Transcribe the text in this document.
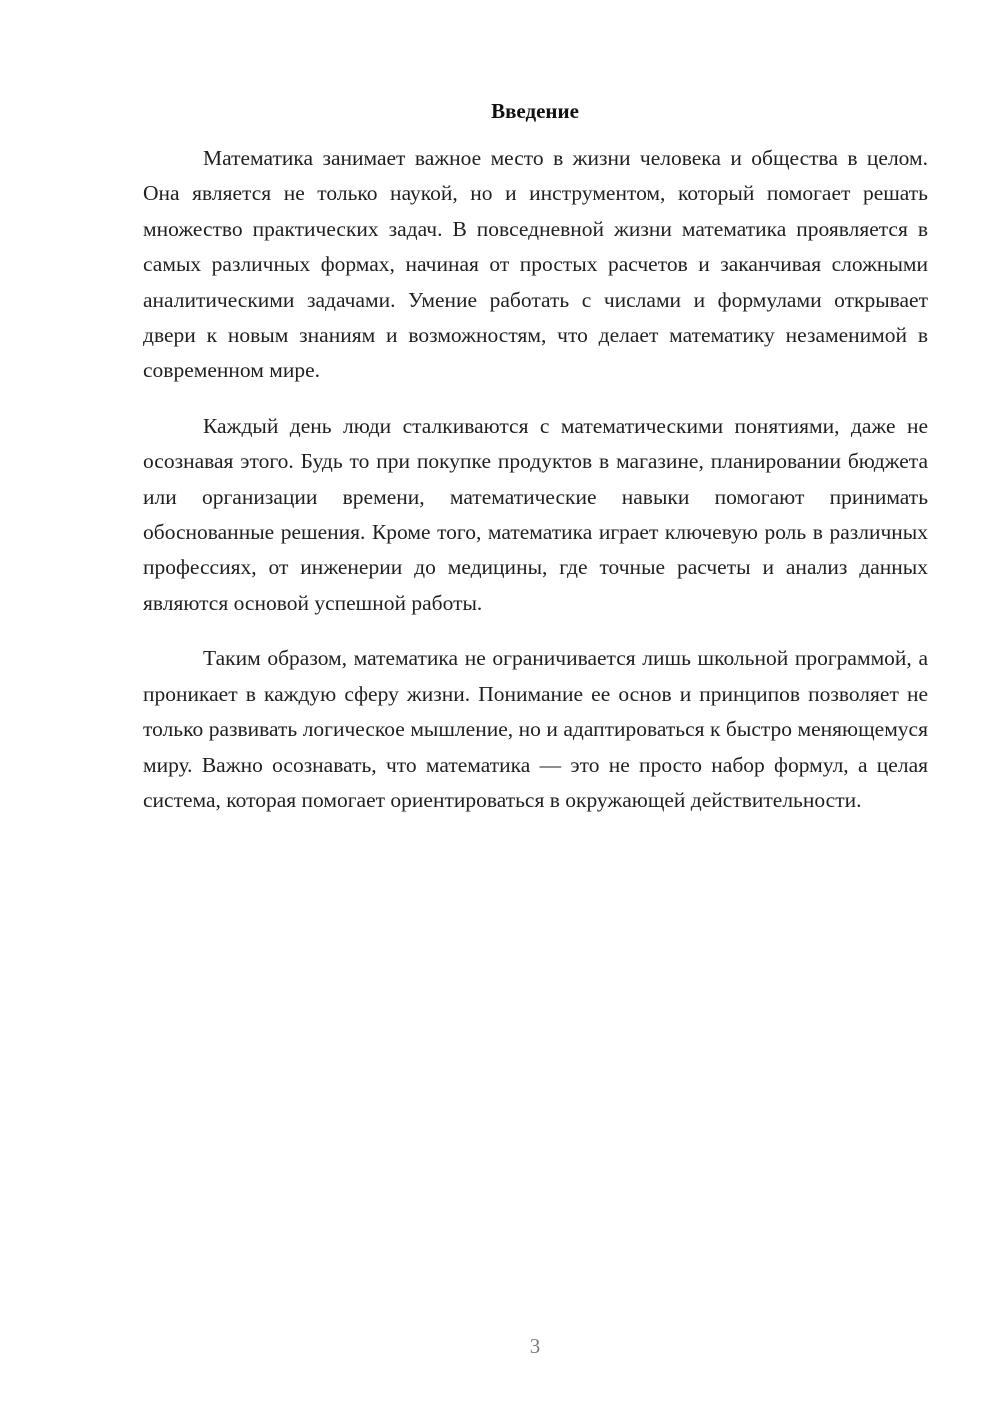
Введение

Математика занимает важное место в жизни человека и общества в целом. Она является не только наукой, но и инструментом, который помогает решать множество практических задач. В повседневной жизни математика проявляется в самых различных формах, начиная от простых расчетов и заканчивая сложными аналитическими задачами. Умение работать с числами и формулами открывает двери к новым знаниям и возможностям, что делает математику незаменимой в современном мире.

Каждый день люди сталкиваются с математическими понятиями, даже не осознавая этого. Будь то при покупке продуктов в магазине, планировании бюджета или организации времени, математические навыки помогают принимать обоснованные решения. Кроме того, математика играет ключевую роль в различных профессиях, от инженерии до медицины, где точные расчеты и анализ данных являются основой успешной работы.

Таким образом, математика не ограничивается лишь школьной программой, а проникает в каждую сферу жизни. Понимание ее основ и принципов позволяет не только развивать логическое мышление, но и адаптироваться к быстро меняющемуся миру. Важно осознавать, что математика — это не просто набор формул, а целая система, которая помогает ориентироваться в окружающей действительности.

3
